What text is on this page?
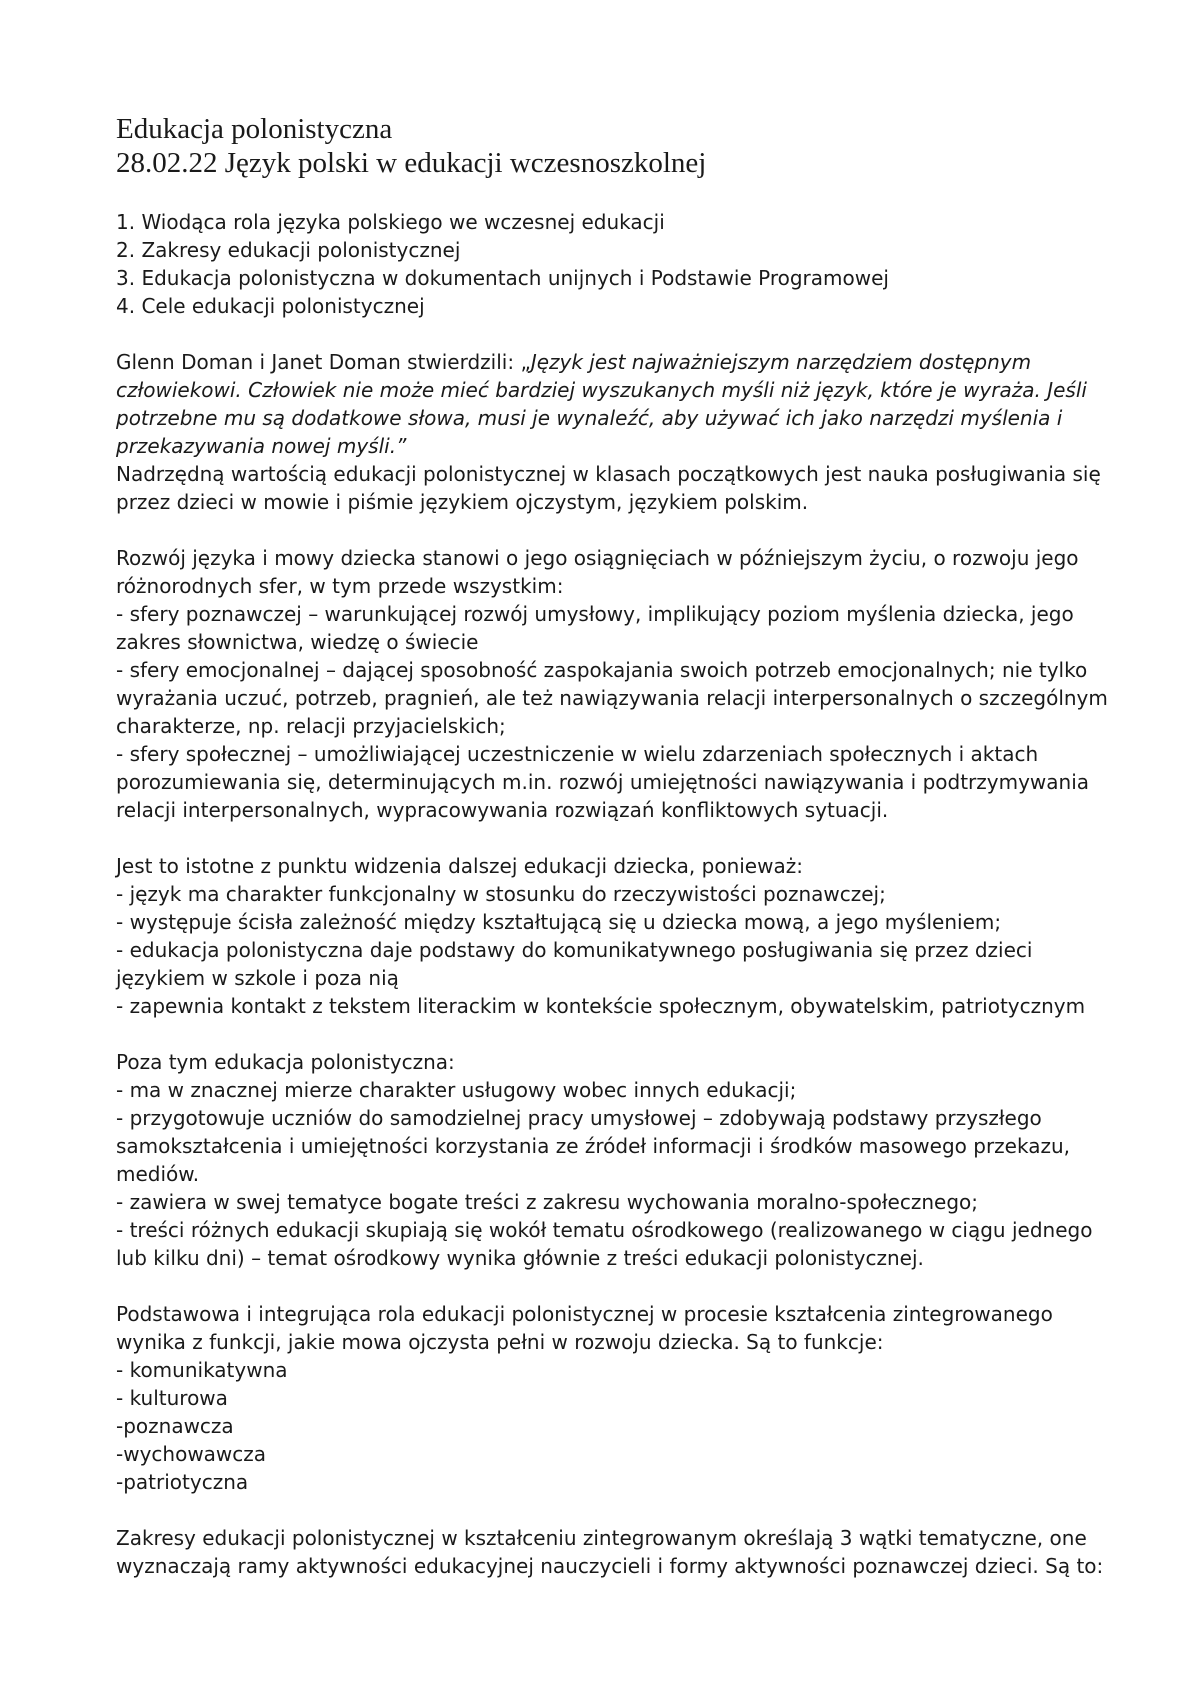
Edukacja polonistyczna
28.02.22 Język polski w edukacji wczesnoszkolnej
1. Wiodąca rola języka polskiego we wczesnej edukacji
2. Zakresy edukacji polonistycznej
3. Edukacja polonistyczna w dokumentach unijnych i Podstawie Programowej
4. Cele edukacji polonistycznej
Glenn Doman i Janet Doman stwierdzili: „Język jest najważniejszym narzędziem dostępnym
człowiekowi. Człowiek nie może mieć bardziej wyszukanych myśli niż język, które je wyraża. Jeśli
potrzebne mu są dodatkowe słowa, musi je wynaleźć, aby używać ich jako narzędzi myślenia i
przekazywania nowej myśli.”
Nadrzędną wartością edukacji polonistycznej w klasach początkowych jest nauka posługiwania się
przez dzieci w mowie i piśmie językiem ojczystym, językiem polskim.
Rozwój języka i mowy dziecka stanowi o jego osiągnięciach w późniejszym życiu, o rozwoju jego
różnorodnych sfer, w tym przede wszystkim:
- sfery poznawczej – warunkującej rozwój umysłowy, implikujący poziom myślenia dziecka, jego
zakres słownictwa, wiedzę o świecie
- sfery emocjonalnej – dającej sposobność zaspokajania swoich potrzeb emocjonalnych; nie tylko
wyrażania uczuć, potrzeb, pragnień, ale też nawiązywania relacji interpersonalnych o szczególnym
charakterze, np. relacji przyjacielskich;
- sfery społecznej – umożliwiającej uczestniczenie w wielu zdarzeniach społecznych i aktach
porozumiewania się, determinujących m.in. rozwój umiejętności nawiązywania i podtrzymywania
relacji interpersonalnych, wypracowywania rozwiązań konfliktowych sytuacji.
Jest to istotne z punktu widzenia dalszej edukacji dziecka, ponieważ:
- język ma charakter funkcjonalny w stosunku do rzeczywistości poznawczej;
- występuje ścisła zależność między kształtującą się u dziecka mową, a jego myśleniem;
- edukacja polonistyczna daje podstawy do komunikatywnego posługiwania się przez dzieci
językiem w szkole i poza nią
- zapewnia kontakt z tekstem literackim w kontekście społecznym, obywatelskim, patriotycznym
Poza tym edukacja polonistyczna:
- ma w znacznej mierze charakter usługowy wobec innych edukacji;
- przygotowuje uczniów do samodzielnej pracy umysłowej – zdobywają podstawy przyszłego
samokształcenia i umiejętności korzystania ze źródeł informacji i środków masowego przekazu,
mediów.
- zawiera w swej tematyce bogate treści z zakresu wychowania moralno-społecznego;
- treści różnych edukacji skupiają się wokół tematu ośrodkowego (realizowanego w ciągu jednego
lub kilku dni) – temat ośrodkowy wynika głównie z treści edukacji polonistycznej.
Podstawowa i integrująca rola edukacji polonistycznej w procesie kształcenia zintegrowanego
wynika z funkcji, jakie mowa ojczysta pełni w rozwoju dziecka. Są to funkcje:
- komunikatywna
- kulturowa
-poznawcza
-wychowawcza
-patriotyczna
Zakresy edukacji polonistycznej w kształceniu zintegrowanym określają 3 wątki tematyczne, one
wyznaczają ramy aktywności edukacyjnej nauczycieli i formy aktywności poznawczej dzieci. Są to:
